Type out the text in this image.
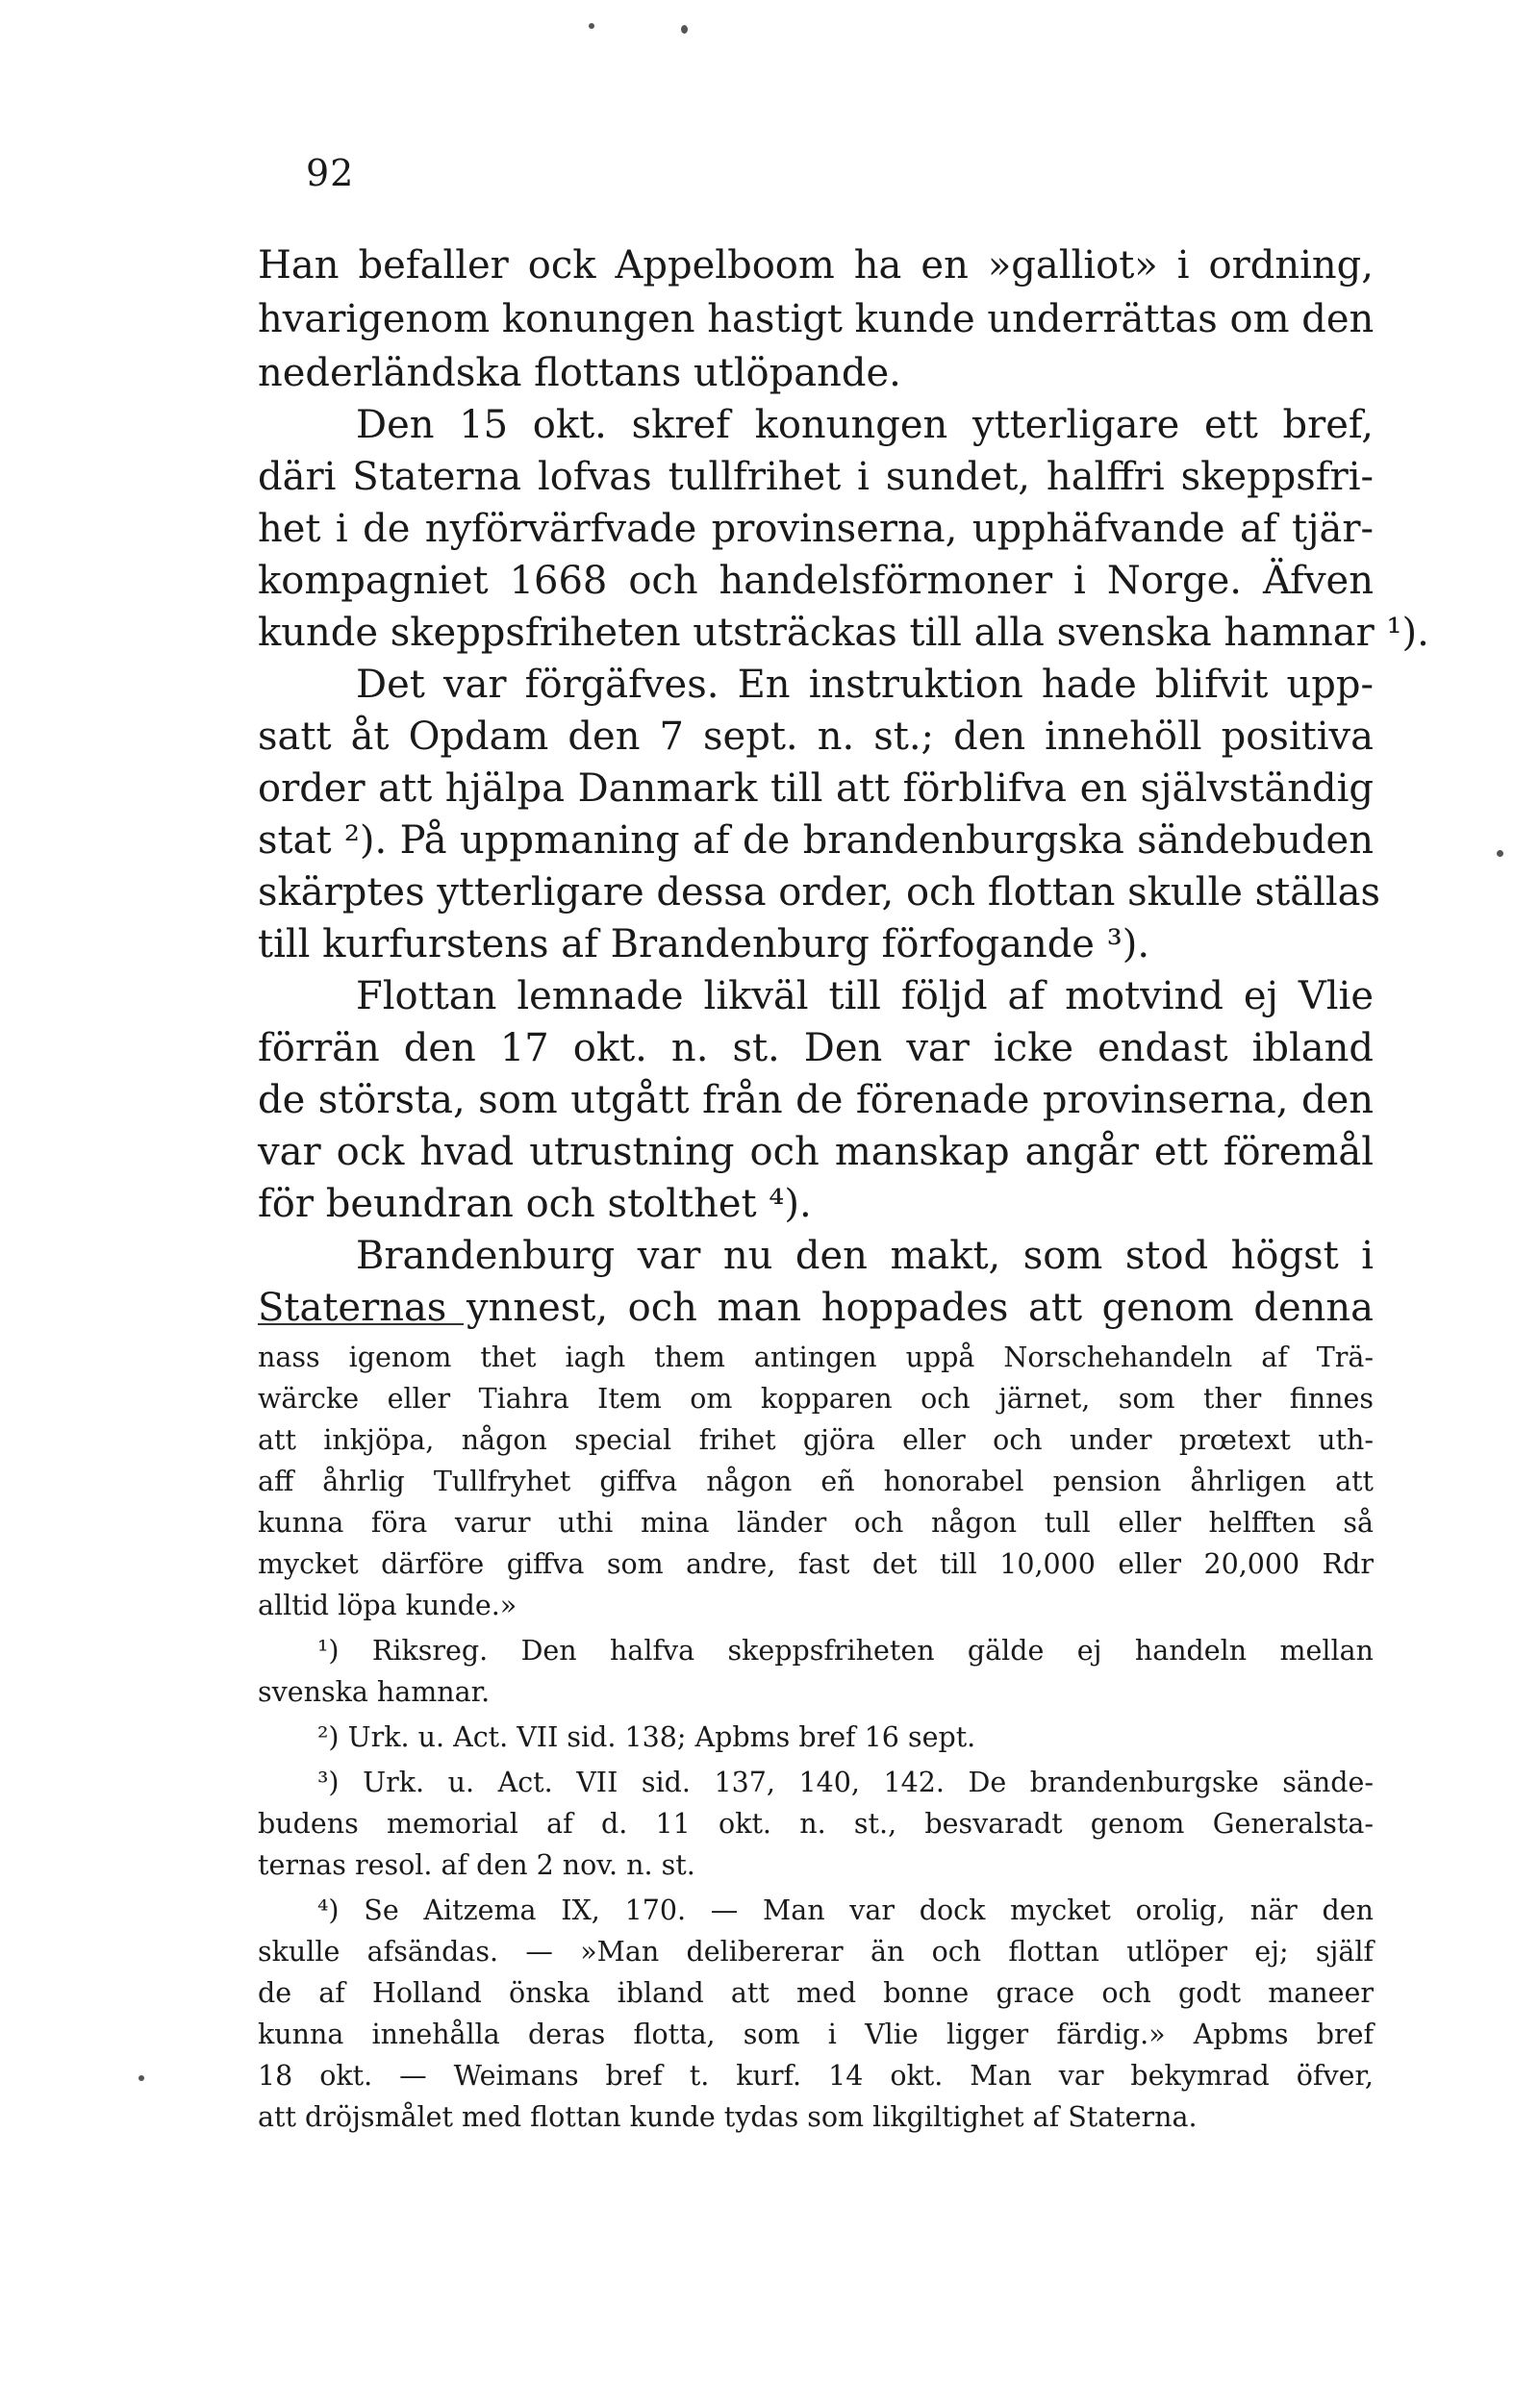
92
Han befaller ock Appelboom ha en »galliot» i ordning,
hvarigenom konungen hastigt kunde underrättas om den
nederländska flottans utlöpande.
Den 15 okt. skref konungen ytterligare ett bref,
däri Staterna lofvas tullfrihet i sundet, halffri skeppsfri-
het i de nyförvärfvade provinserna, upphäfvande af tjär-
kompagniet 1668 och handelsförmoner i Norge. Äfven
kunde skeppsfriheten utsträckas till alla svenska hamnar ¹).
Det var förgäfves. En instruktion hade blifvit upp-
satt åt Opdam den 7 sept. n. st.; den innehöll positiva
order att hjälpa Danmark till att förblifva en självständig
stat ²). På uppmaning af de brandenburgska sändebuden
skärptes ytterligare dessa order, och flottan skulle ställas
till kurfurstens af Brandenburg förfogande ³).
Flottan lemnade likväl till följd af motvind ej Vlie
förrän den 17 okt. n. st. Den var icke endast ibland
de största, som utgått från de förenade provinserna, den
var ock hvad utrustning och manskap angår ett föremål
för beundran och stolthet ⁴).
Brandenburg var nu den makt, som stod högst i
Staternas ynnest, och man hoppades att genom denna
nass igenom thet iagh them antingen uppå Norschehandeln af Trä-
wärcke eller Tiahra Item om kopparen och järnet, som ther finnes
att inkjöpa, någon special frihet gjöra eller och under prœtext uth-
aff åhrlig Tullfryhet giffva någon eñ honorabel pension åhrligen att
kunna föra varur uthi mina länder och någon tull eller helfften så
mycket därföre giffva som andre, fast det till 10,000 eller 20,000 Rdr
alltid löpa kunde.»
¹) Riksreg. Den halfva skeppsfriheten gälde ej handeln mellan
svenska hamnar.
²) Urk. u. Act. VII sid. 138; Apbms bref 16 sept.
³) Urk. u. Act. VII sid. 137, 140, 142. De brandenburgske sände-
budens memorial af d. 11 okt. n. st., besvaradt genom Generalsta-
ternas resol. af den 2 nov. n. st.
⁴) Se Aitzema IX, 170. — Man var dock mycket orolig, när den
skulle afsändas. — »Man delibererar än och flottan utlöper ej; själf
de af Holland önska ibland att med bonne grace och godt maneer
kunna innehålla deras flotta, som i Vlie ligger färdig.» Apbms bref
18 okt. — Weimans bref t. kurf. 14 okt. Man var bekymrad öfver,
att dröjsmålet med flottan kunde tydas som likgiltighet af Staterna.
